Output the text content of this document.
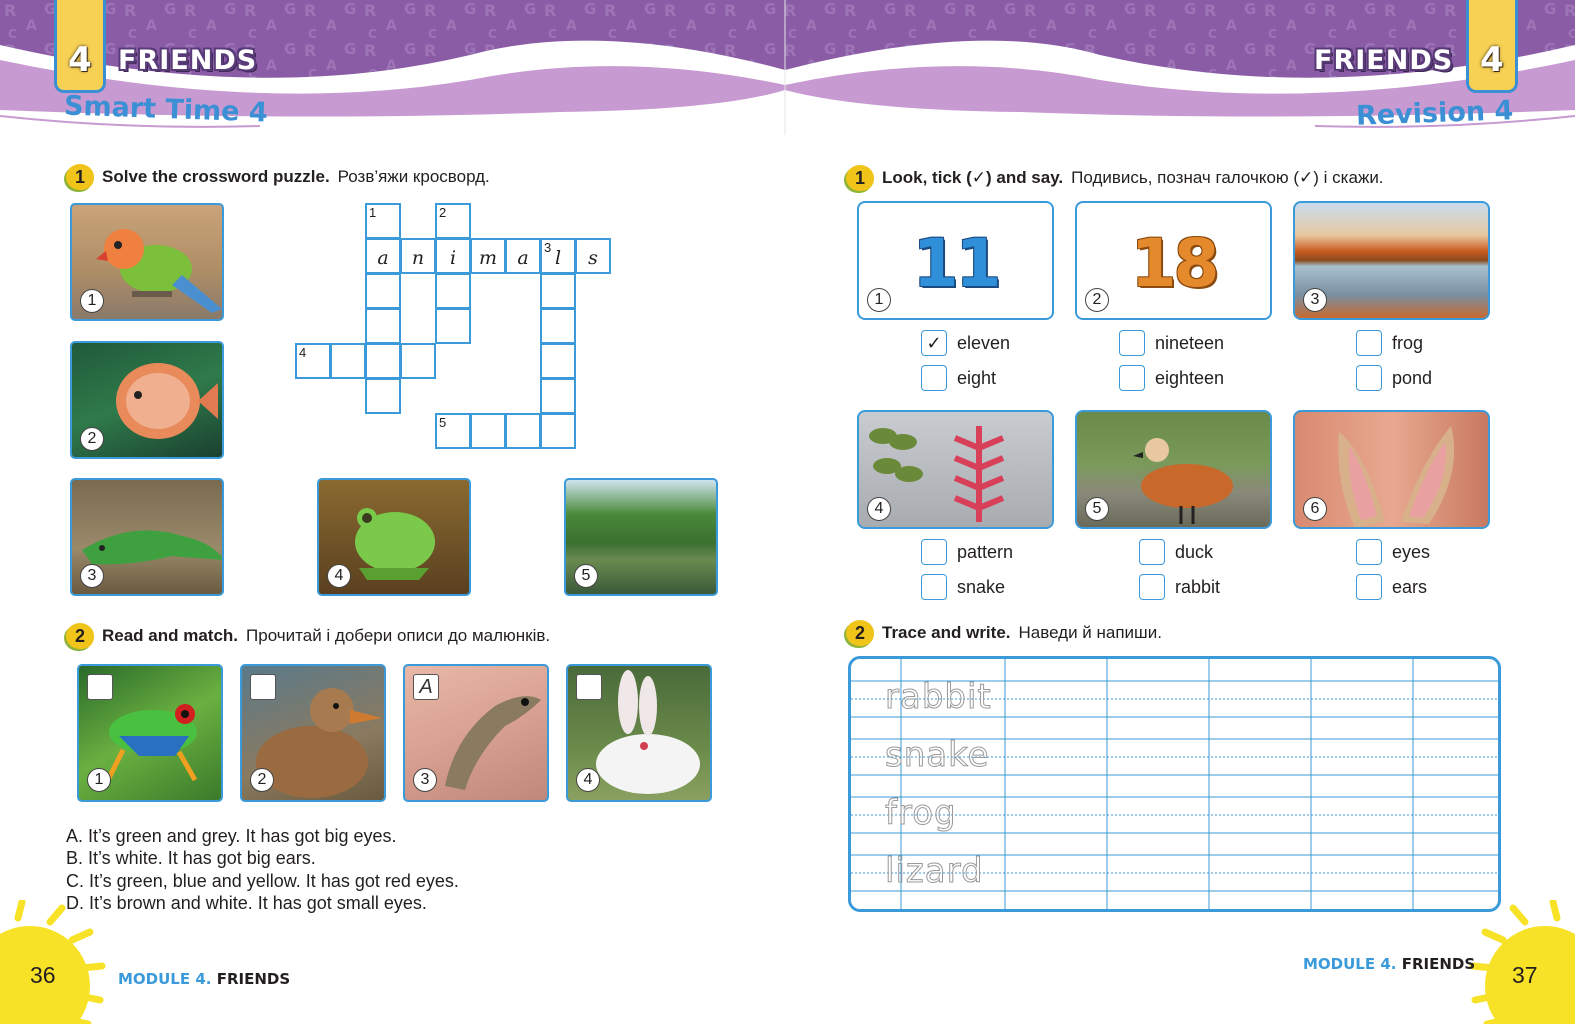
4 FRIENDS
Smart Time 4
4
FRIENDS
Revision 4
1	Solve the crossword puzzle. Розв’яжи кросворд.
1
2
3	4	5
1
a	n
2
i	m	a	3 l	s
4
5
2	Read and match. Прочитай і добери описи до малюнків.
1	2
A
3	4
A. It’s green and grey. It has got big eyes.
B. It’s white. It has got big ears.
C. It’s green, blue and yellow. It has got red eyes.
D. It’s brown and white. It has got small eyes.
1	Look, tick (✓) and say. Подивись, познач галочкою (✓) і скажи.
11
1
✓ eleven
eight
18
2
nineteen
eighteen
3
frog
pond
4
pattern
snake
5
duck
rabbit
6
eyes
ears
2	Trace and write. Наведи й напиши.
rabbit
snake
frog
lizard
36	MODULE 4. FRIENDS	37
MODULE 4. FRIENDS
